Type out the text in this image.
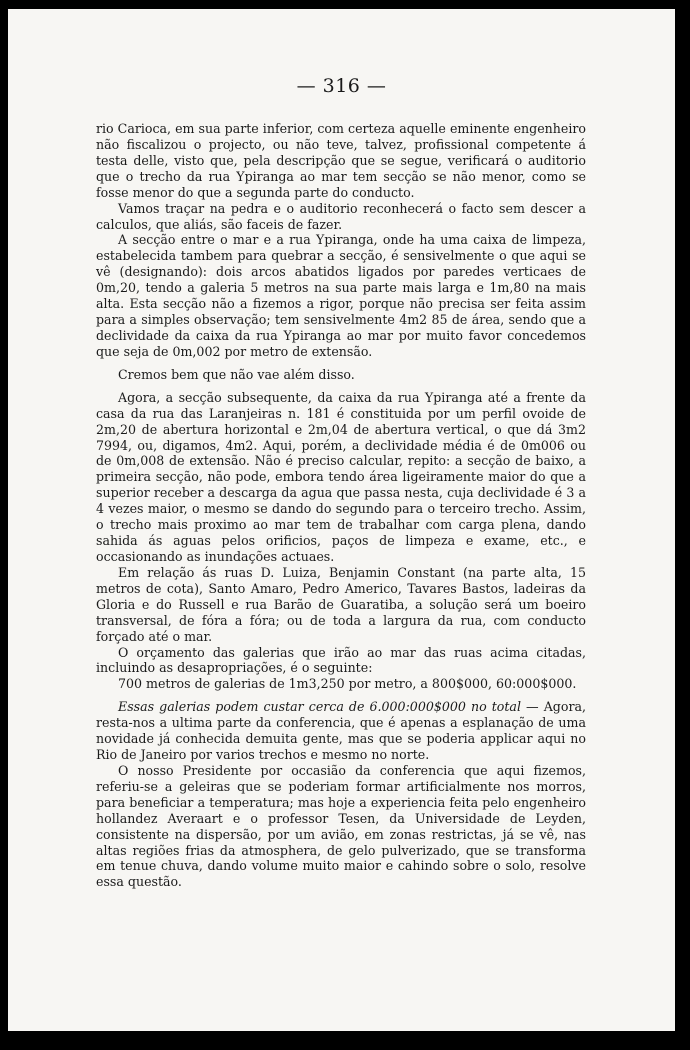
— 316 —

rio Carioca, em sua parte inferior, com certeza aquelle eminente engenheiro não fiscalizou o projecto, ou não teve, talvez, profissional competente á testa delle, visto que, pela descripção que se segue, verificará o auditorio que o trecho da rua Ypiranga ao mar tem secção se não menor, como se fosse menor do que a segunda parte do conducto.

Vamos traçar na pedra e o auditorio reconhecerá o facto sem descer a calculos, que aliás, são faceis de fazer.

A secção entre o mar e a rua Ypiranga, onde ha uma caixa de limpeza, estabelecida tambem para quebrar a secção, é sensivelmente o que aqui se vê (designando): dois arcos abatidos ligados por paredes verticaes de 0m,20, tendo a galeria 5 metros na sua parte mais larga e 1m,80 na mais alta. Esta secção não a fizemos a rigor, porque não precisa ser feita assim para a simples observação; tem sensivelmente 4m2 85 de área, sendo que a declividade da caixa da rua Ypiranga ao mar por muito favor concedemos que seja de 0m,002 por metro de extensão.

Cremos bem que não vae além disso.

Agora, a secção subsequente, da caixa da rua Ypiranga até a frente da casa da rua das Laranjeiras n. 181 é constituida por um perfil ovoide de 2m,20 de abertura horizontal e 2m,04 de abertura vertical, o que dá 3m2 7994, ou, digamos, 4m2. Aqui, porém, a declividade média é de 0m006 ou de 0m,008 de extensão. Não é preciso calcular, repito: a secção de baixo, a primeira secção, não pode, embora tendo área ligeiramente maior do que a superior receber a descarga da agua que passa nesta, cuja declividade é 3 a 4 vezes maior, o mesmo se dando do segundo para o terceiro trecho. Assim, o trecho mais proximo ao mar tem de trabalhar com carga plena, dando sahida ás aguas pelos orificios, paços de limpeza e exame, etc., e occasionando as inundações actuaes.

Em relação ás ruas D. Luiza, Benjamin Constant (na parte alta, 15 metros de cota), Santo Amaro, Pedro Americo, Tavares Bastos, ladeiras da Gloria e do Russell e rua Barão de Guaratiba, a solução será um boeiro transversal, de fóra a fóra; ou de toda a largura da rua, com conducto forçado até o mar.

O orçamento das galerias que irão ao mar das ruas acima citadas, incluindo as desapropriações, é o seguinte:

700 metros de galerias de 1m3,250 por metro, a 800$000, 60:000$000.

Essas galerias podem custar cerca de 6.000:000$000 no total — Agora, resta-nos a ultima parte da conferencia, que é apenas a esplanação de uma novidade já conhecida demuita gente, mas que se poderia applicar aqui no Rio de Janeiro por varios trechos e mesmo no norte.

O nosso Presidente por occasião da conferencia que aqui fizemos, referiu-se a geleiras que se poderiam formar artificialmente nos morros, para beneficiar a temperatura; mas hoje a experiencia feita pelo engenheiro hollandez Averaart e o professor Tesen, da Universidade de Leyden, consistente na dispersão, por um avião, em zonas restrictas, já se vê, nas altas regiões frias da atmosphera, de gelo pulverizado, que se transforma em tenue chuva, dando volume muito maior e cahindo sobre o solo, resolve essa questão.
